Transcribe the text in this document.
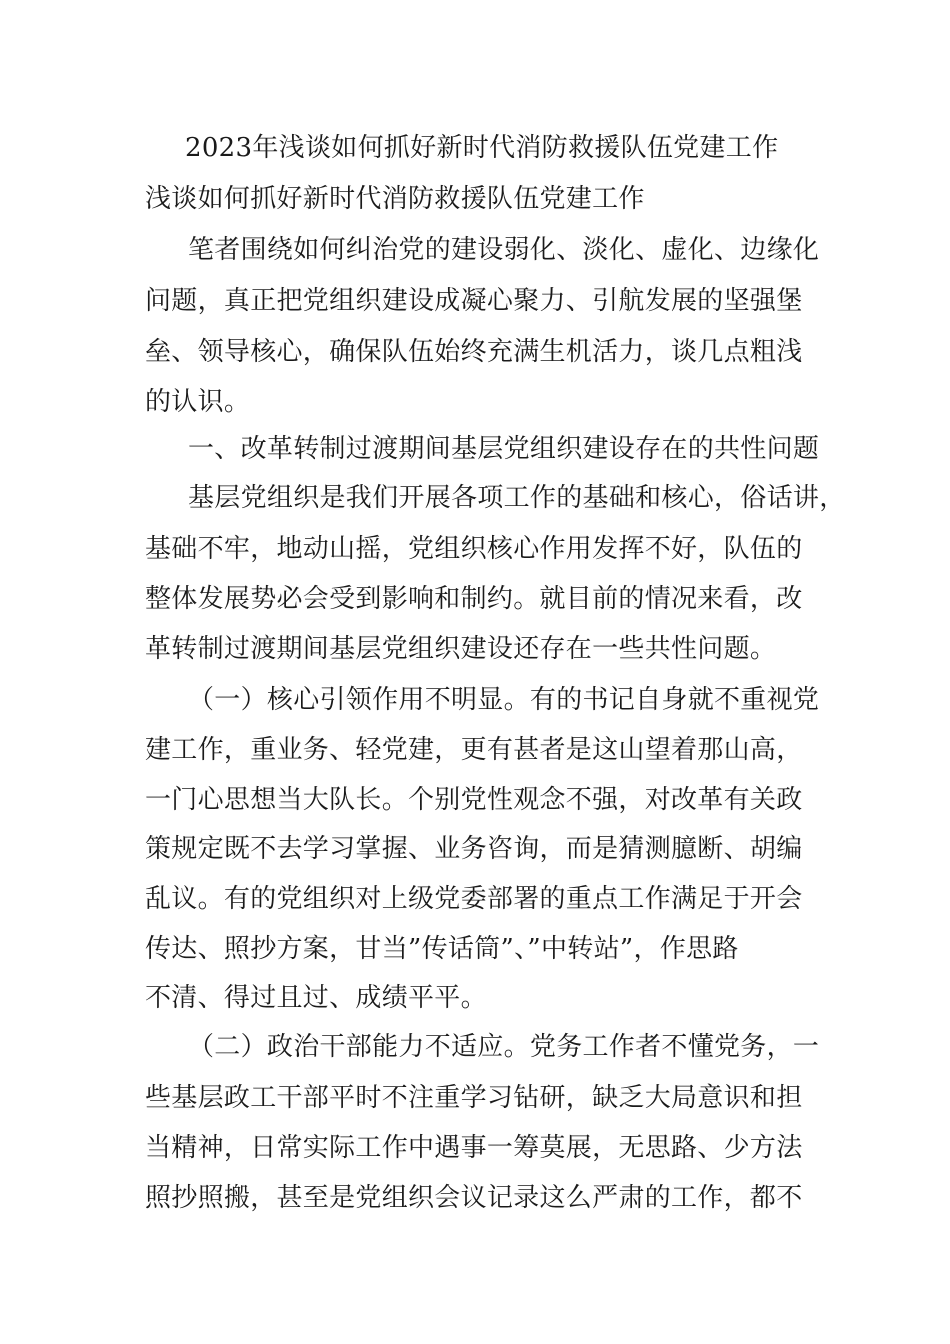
2023年浅谈如何抓好新时代消防救援队伍党建工作
浅谈如何抓好新时代消防救援队伍党建工作
笔者围绕如何纠治党的建设弱化、淡化、虚化、边缘化
问题，真正把党组织建设成凝心聚力、引航发展的坚强堡
垒、领导核心，确保队伍始终充满生机活力，谈几点粗浅
的认识。
一、改革转制过渡期间基层党组织建设存在的共性问题
基层党组织是我们开展各项工作的基础和核心，俗话讲，
基础不牢，地动山摇，党组织核心作用发挥不好，队伍的
整体发展势必会受到影响和制约。就目前的情况来看，改
革转制过渡期间基层党组织建设还存在一些共性问题。
（一）核心引领作用不明显。有的书记自身就不重视党
建工作，重业务、轻党建，更有甚者是这山望着那山高，
一门心思想当大队长。个别党性观念不强，对改革有关政
策规定既不去学习掌握、业务咨询，而是猜测臆断、胡编
乱议。有的党组织对上级党委部署的重点工作满足于开会
传达、照抄方案，甘当”传话筒”、”中转站”，作思路
不清、得过且过、成绩平平。
（二）政治干部能力不适应。党务工作者不懂党务，一
些基层政工干部平时不注重学习钻研，缺乏大局意识和担
当精神，日常实际工作中遇事一筹莫展，无思路、少方法
照抄照搬，甚至是党组织会议记录这么严肃的工作，都不
